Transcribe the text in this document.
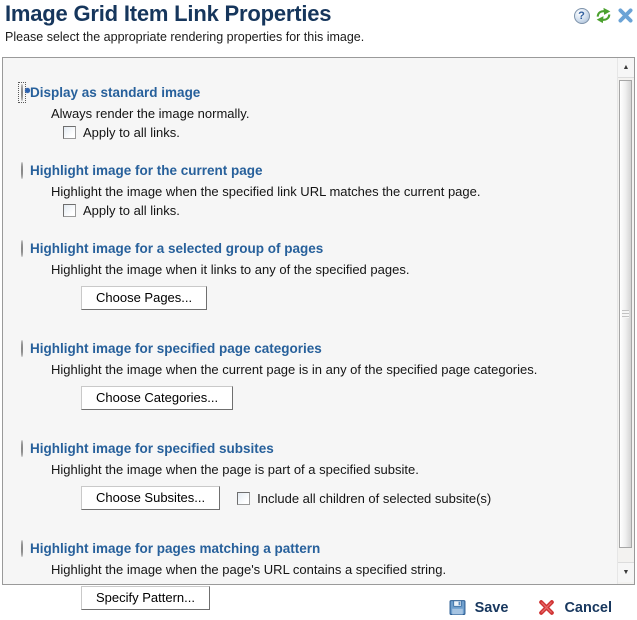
Image Grid Item Link Properties
Please select the appropriate rendering properties for this image.
?
Display as standard image
Always render the image normally.
Apply to all links.
Highlight image for the current page
Highlight the image when the specified link URL matches the current page.
Apply to all links.
Highlight image for a selected group of pages
Highlight the image when it links to any of the specified pages.
Choose Pages...
Highlight image for specified page categories
Highlight the image when the current page is in any of the specified page categories.
Choose Categories...
Highlight image for specified subsites
Highlight the image when the page is part of a specified subsite.
Choose Subsites...	Include all children of selected subsite(s)
Highlight image for pages matching a pattern
Highlight the image when the page's URL contains a specified string.
Specify Pattern...
▲
▼
Save	Cancel
